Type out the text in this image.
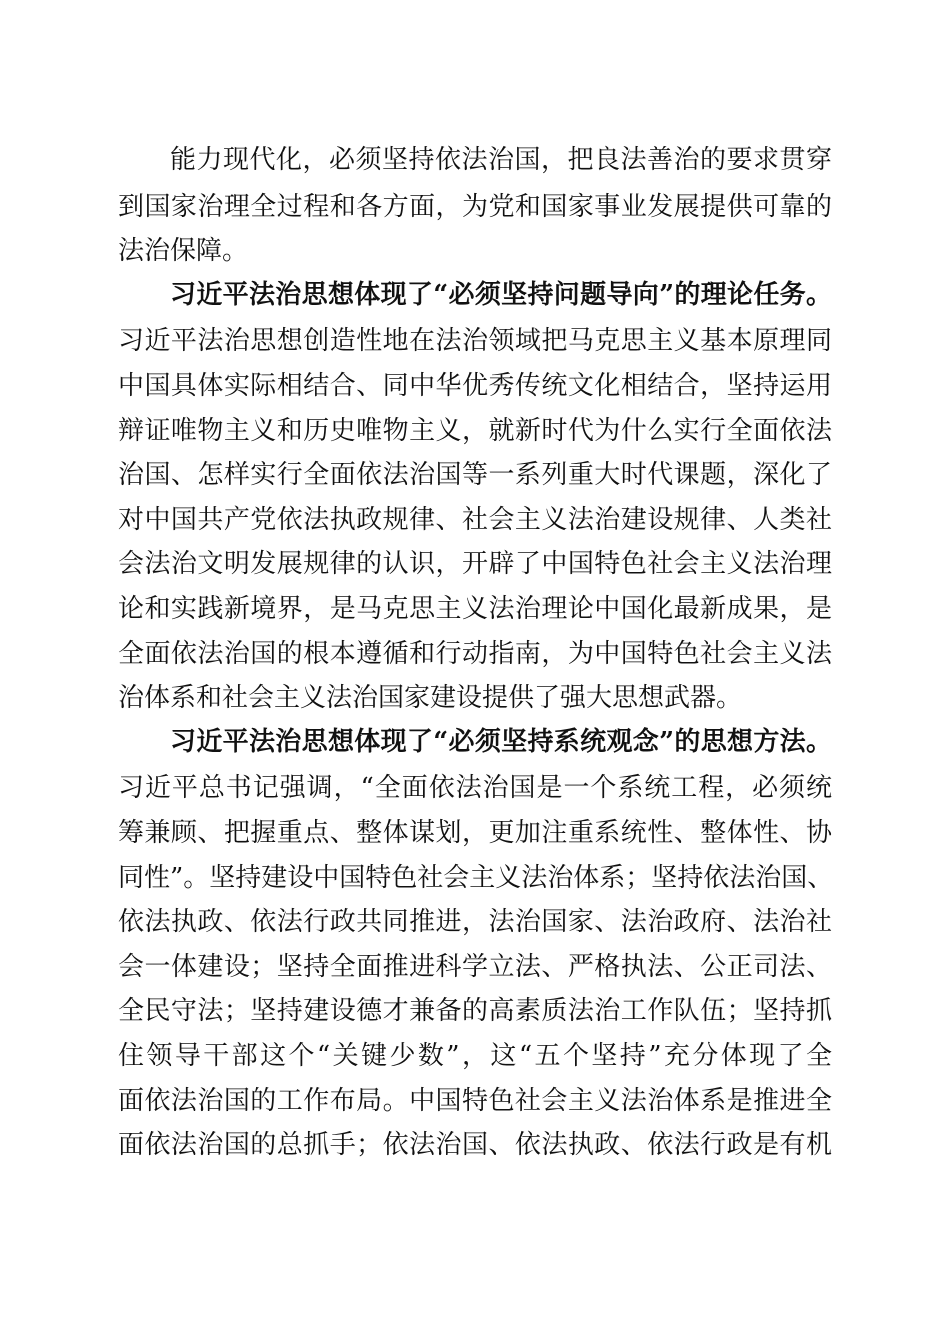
能力现代化，必须坚持依法治国，把良法善治的要求贯穿
到国家治理全过程和各方面，为党和国家事业发展提供可靠的
法治保障。
习近平法治思想体现了“必须坚持问题导向”的理论任务。
习近平法治思想创造性地在法治领域把马克思主义基本原理同
中国具体实际相结合、同中华优秀传统文化相结合，坚持运用
辩证唯物主义和历史唯物主义，就新时代为什么实行全面依法
治国、怎样实行全面依法治国等一系列重大时代课题，深化了
对中国共产党依法执政规律、社会主义法治建设规律、人类社
会法治文明发展规律的认识，开辟了中国特色社会主义法治理
论和实践新境界，是马克思主义法治理论中国化最新成果，是
全面依法治国的根本遵循和行动指南，为中国特色社会主义法
治体系和社会主义法治国家建设提供了强大思想武器。
习近平法治思想体现了“必须坚持系统观念”的思想方法。
习近平总书记强调，“全面依法治国是一个系统工程，必须统
筹兼顾、把握重点、整体谋划，更加注重系统性、整体性、协
同性”。坚持建设中国特色社会主义法治体系；坚持依法治国、
依法执政、依法行政共同推进，法治国家、法治政府、法治社
会一体建设；坚持全面推进科学立法、严格执法、公正司法、
全民守法；坚持建设德才兼备的高素质法治工作队伍；坚持抓
住领导干部这个“关键少数”，这“五个坚持”充分体现了全
面依法治国的工作布局。中国特色社会主义法治体系是推进全
面依法治国的总抓手；依法治国、依法执政、依法行政是有机
